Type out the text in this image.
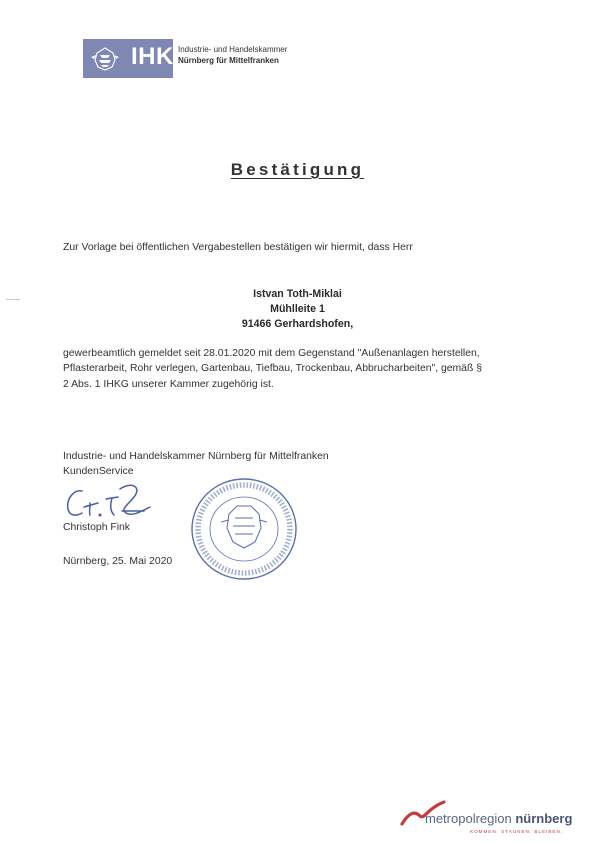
IHK Industrie- und Handelskammer
Nürnberg für Mittelfranken
Bestätigung
Zur Vorlage bei öffentlichen Vergabestellen bestätigen wir hiermit, dass Herr
Istvan Toth-Miklai
Mühlleite 1
91466 Gerhardshofen,
gewerbeamtlich gemeldet seit 28.01.2020 mit dem Gegenstand "Außenanlagen herstellen,
Pflasterarbeit, Rohr verlegen, Gartenbau, Tiefbau, Trockenbau, Abbrucharbeiten", gemäß §
2 Abs. 1 IHKG unserer Kammer zugehörig ist.
Industrie- und Handelskammer Nürnberg für Mittelfranken
KundenService
Christoph Fink
Nürnberg, 25. Mai 2020
metropolregion nürnberg
KOMMEN. STAUNEN. BLEIBEN.
